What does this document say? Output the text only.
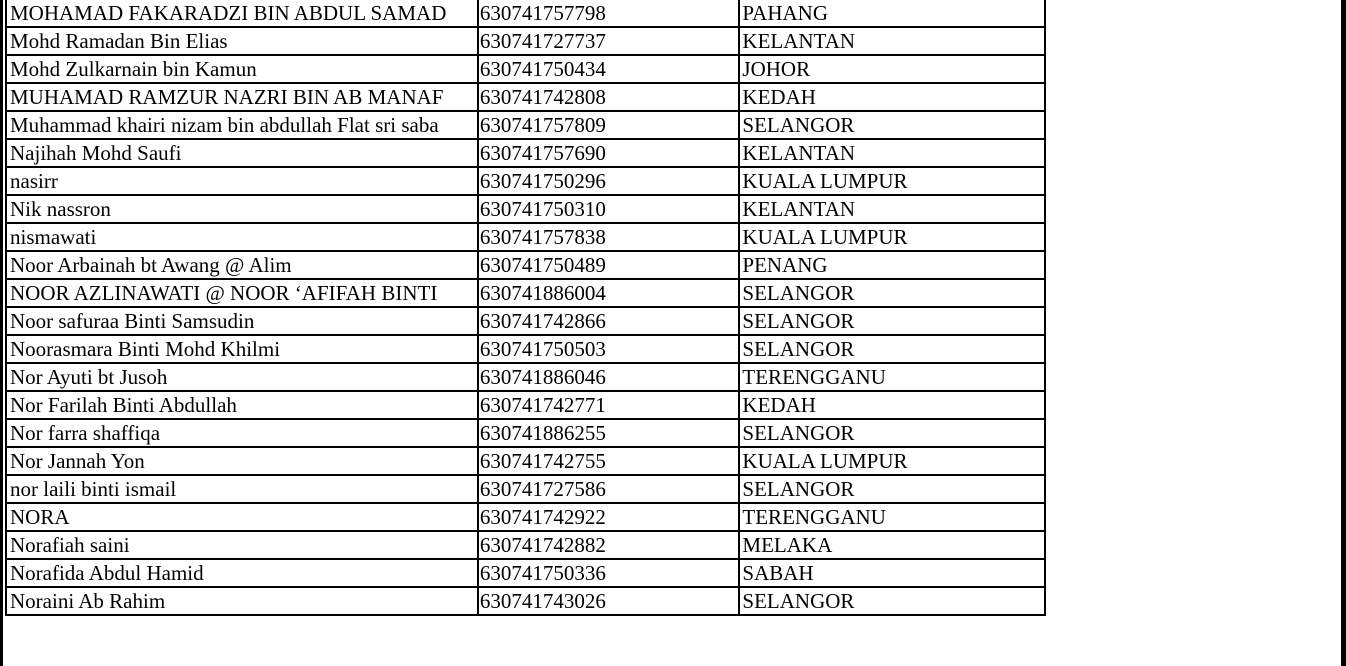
MOHAMAD FAKARADZI BIN ABDUL SAMAD	630741757798	PAHANG
Mohd Ramadan Bin Elias	630741727737	KELANTAN
Mohd Zulkarnain bin Kamun	630741750434	JOHOR
MUHAMAD RAMZUR NAZRI BIN AB MANAF	630741742808	KEDAH
Muhammad khairi nizam bin abdullah Flat sri saba	630741757809	SELANGOR
Najihah Mohd Saufi	630741757690	KELANTAN
nasirr	630741750296	KUALA LUMPUR
Nik nassron	630741750310	KELANTAN
nismawati	630741757838	KUALA LUMPUR
Noor Arbainah bt Awang @ Alim	630741750489	PENANG
NOOR AZLINAWATI @ NOOR ‘AFIFAH BINTI	630741886004	SELANGOR
Noor safuraa Binti Samsudin	630741742866	SELANGOR
Noorasmara Binti Mohd Khilmi	630741750503	SELANGOR
Nor Ayuti bt Jusoh	630741886046	TERENGGANU
Nor Farilah Binti Abdullah	630741742771	KEDAH
Nor farra shaffiqa	630741886255	SELANGOR
Nor Jannah Yon	630741742755	KUALA LUMPUR
nor laili binti ismail	630741727586	SELANGOR
NORA	630741742922	TERENGGANU
Norafiah saini	630741742882	MELAKA
Norafida Abdul Hamid	630741750336	SABAH
Noraini Ab Rahim	630741743026	SELANGOR
